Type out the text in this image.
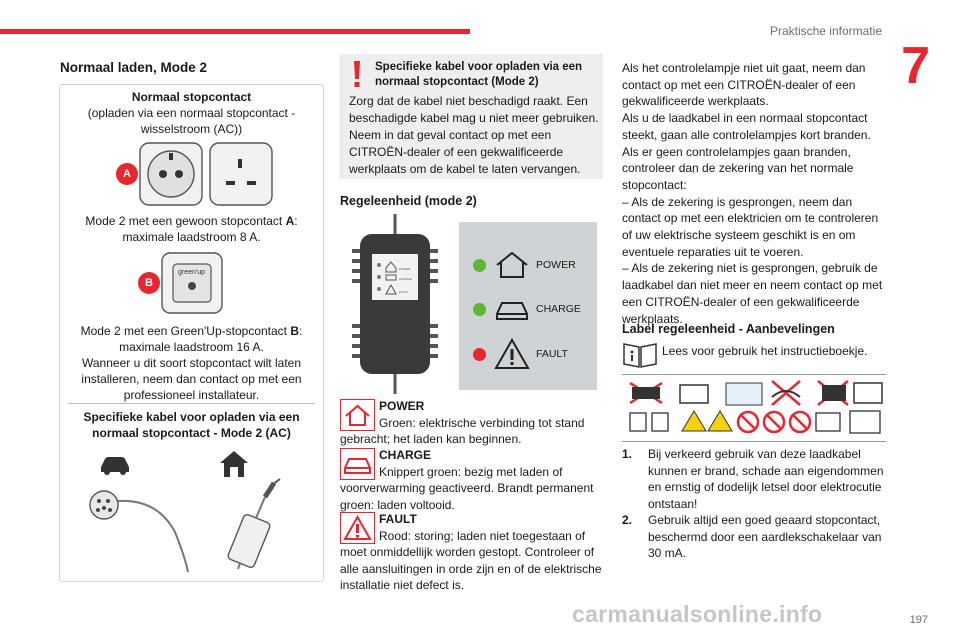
Praktische informatie
7
Normaal laden, Mode 2
Normaal stopcontact
(opladen via een normaal stopcontact - wisselstroom (AC))
A
Mode 2 met een gewoon stopcontact A: maximale laadstroom 8 A.
B
green'up
Mode 2 met een Green'Up-stopcontact B: maximale laadstroom 16 A.
Wanneer u dit soort stopcontact wilt laten installeren, neem dan contact op met een professioneel installateur.
Specifieke kabel voor opladen via een normaal stopcontact - Mode 2 (AC)
Specifieke kabel voor opladen via een normaal stopcontact (Mode 2)
Zorg dat de kabel niet beschadigd raakt. Een beschadigde kabel mag u niet meer gebruiken. Neem in dat geval contact op met een CITROËN-dealer of een gekwalificeerde werkplaats om de kabel te laten vervangen.
Regeleenheid (mode 2)
POWER
CHARGE
FAULT
POWER
CHARGE
FAULT
POWER
Groen: elektrische verbinding tot stand gebracht; het laden kan beginnen.
CHARGE
Knippert groen: bezig met laden of voorverwarming geactiveerd. Brandt permanent groen: laden voltooid.
FAULT
Rood: storing; laden niet toegestaan of moet onmiddellijk worden gestopt. Controleer of alle aansluitingen in orde zijn en of de elektrische installatie niet defect is.
Als het controlelampje niet uit gaat, neem dan contact op met een CITROËN-dealer of een gekwalificeerde werkplaats.
Als u de laadkabel in een normaal stopcontact steekt, gaan alle controlelampjes kort branden.
Als er geen controlelampjes gaan branden, controleer dan de zekering van het normale stopcontact:
– Als de zekering is gesprongen, neem dan contact op met een elektricien om te controleren of uw elektrische systeem geschikt is en om eventuele reparaties uit te voeren.
– Als de zekering niet is gesprongen, gebruik de laadkabel dan niet meer en neem contact op met een CITROËN-dealer of een gekwalificeerde werkplaats.
Label regeleenheid - Aanbevelingen
Lees voor gebruik het instructieboekje.
1. Bij verkeerd gebruik van deze laadkabel kunnen er brand, schade aan eigendommen en ernstig of dodelijk letsel door elektrocutie ontstaan!
2. Gebruik altijd een goed geaard stopcontact, beschermd door een aardlekschakelaar van 30 mA.
carmanualsonline.info	197
